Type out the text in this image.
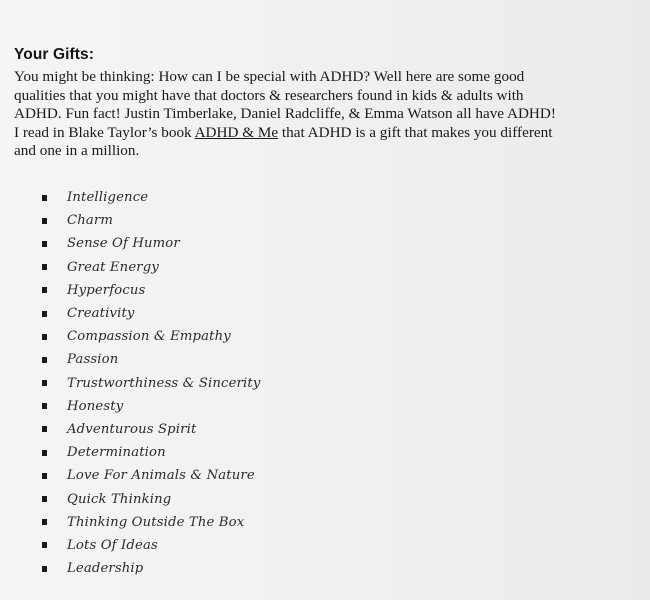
Your Gifts:

You might be thinking: How can I be special with ADHD? Well here are some good
qualities that you might have that doctors & researchers found in kids & adults with
ADHD. Fun fact! Justin Timberlake, Daniel Radcliffe, & Emma Watson all have ADHD!
I read in Blake Taylor’s book ADHD & Me that ADHD is a gift that makes you different
and one in a million.

Intelligence
Charm
Sense Of Humor
Great Energy
Hyperfocus
Creativity
Compassion & Empathy
Passion
Trustworthiness & Sincerity
Honesty
Adventurous Spirit
Determination
Love For Animals & Nature
Quick Thinking
Thinking Outside The Box
Lots Of Ideas
Leadership
